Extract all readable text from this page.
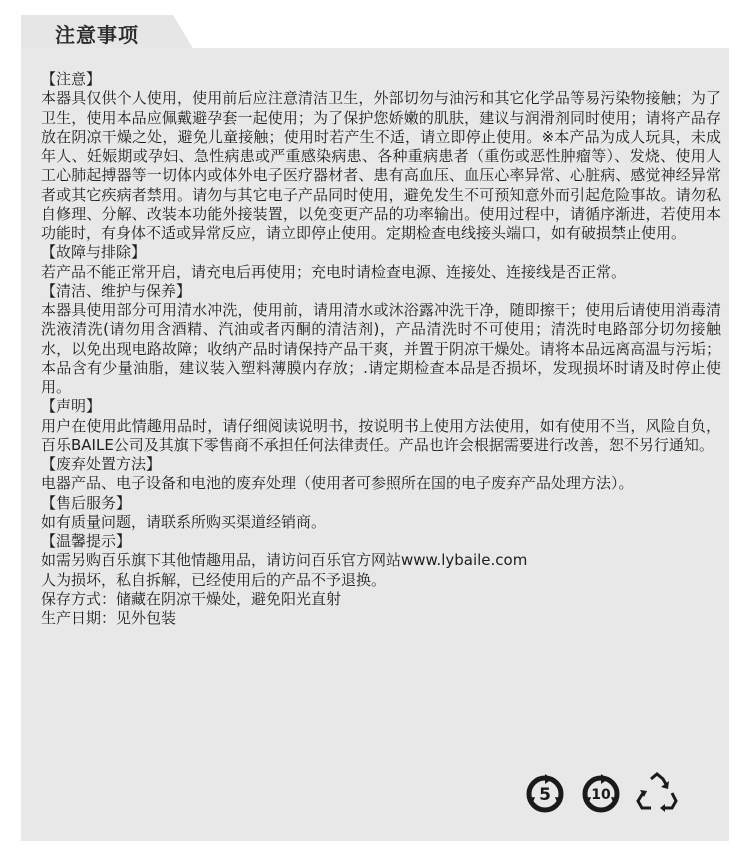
注意事项

【注意】

本器具仅供个人使用，使用前后应注意清洁卫生，外部切勿与油污和其它化学品等易污染物接触；为了卫生，使用本品应佩戴避孕套一起使用；为了保护您娇嫩的肌肤，建议与润滑剂同时使用；请将产品存放在阴凉干燥之处，避免儿童接触；使用时若产生不适，请立即停止使用。※本产品为成人玩具，未成年人、妊娠期或孕妇、急性病患或严重感染病患、各种重病患者（重伤或恶性肿瘤等）、发烧、使用人工心肺起搏器等一切体内或体外电子医疗器材者、患有高血压、血压心率异常、心脏病、感觉神经异常者或其它疾病者禁用。请勿与其它电子产品同时使用，避免发生不可预知意外而引起危险事故。请勿私自修理、分解、改装本功能外接装置，以免变更产品的功率输出。使用过程中，请循序渐进，若使用本功能时，有身体不适或异常反应，请立即停止使用。定期检查电线接头端口，如有破损禁止使用。

【故障与排除】

若产品不能正常开启，请充电后再使用；充电时请检查电源、连接处、连接线是否正常。

【清洁、维护与保养】

本器具使用部分可用清水冲洗，使用前，请用清水或沐浴露冲洗干净，随即擦干；使用后请使用消毒清洗液清洗(请勿用含酒精、汽油或者丙酮的清洁剂)，产品清洗时不可使用；清洗时电路部分切勿接触水，以免出现电路故障；收纳产品时请保持产品干爽，并置于阴凉干燥处。请将本品远离高温与污垢；本品含有少量油脂，建议装入塑料薄膜内存放；.请定期检查本品是否损坏，发现损坏时请及时停止使用。

【声明】

用户在使用此情趣用品时，请仔细阅读说明书，按说明书上使用方法使用，如有使用不当，风险自负，百乐BAILE公司及其旗下零售商不承担任何法律责任。产品也许会根据需要进行改善，恕不另行通知。

【废弃处置方法】

电器产品、电子设备和电池的废弃处理（使用者可参照所在国的电子废弃产品处理方法）。

【售后服务】

如有质量问题，请联系所购买渠道经销商。

【温馨提示】

如需另购百乐旗下其他情趣用品，请访问百乐官方网站www.lybaile.com

人为损坏，私自拆解，已经使用后的产品不予退换。

保存方式：储藏在阴凉干燥处，避免阳光直射

生产日期：见外包装

5	10
